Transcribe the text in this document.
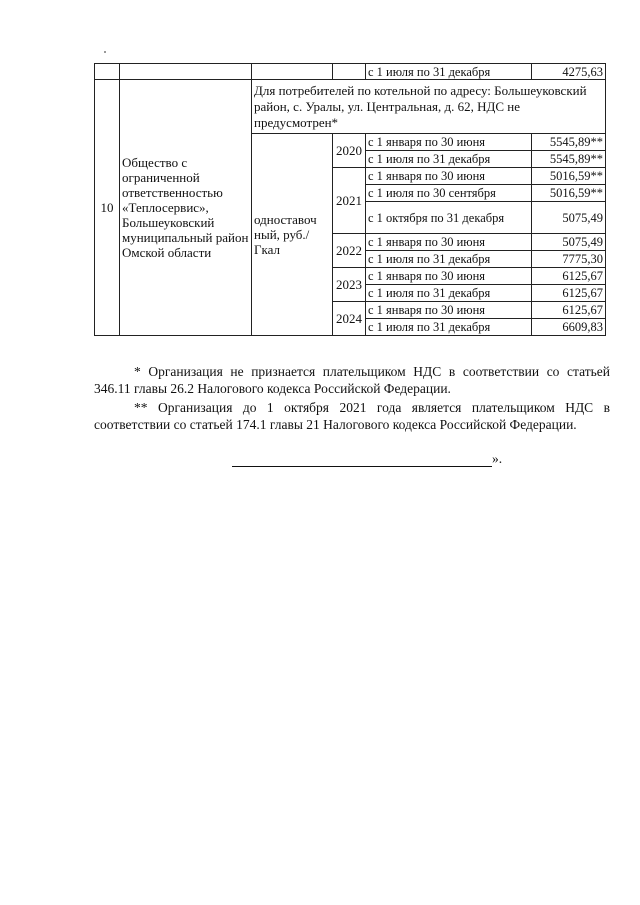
				с 1 июля по 31 декабря	4275,63
10	Общество с ограниченной ответственностью «Теплосервис», Большеуковский муниципальный район Омской области	Для потребителей по котельной по адресу: Большеуковский район, с. Уралы, ул. Центральная, д. 62, НДС не предусмотрен*			
		одноставоч ный, руб./Гкал	2020	с 1 января по 30 июня	5545,89**
				с 1 июля по 31 декабря	5545,89**
			2021	с 1 января по 30 июня	5016,59**
				с 1 июля по 30 сентября	5016,59**
				с 1 октября по 31 декабря	5075,49
			2022	с 1 января по 30 июня	5075,49
				с 1 июля по 31 декабря	7775,30
			2023	с 1 января по 30 июня	6125,67
				с 1 июля по 31 декабря	6125,67
			2024	с 1 января по 30 июня	6125,67
				с 1 июля по 31 декабря	6609,83

* Организация не признается плательщиком НДС в соответствии со статьей 346.11 главы 26.2 Налогового кодекса Российской Федерации.

** Организация до 1 октября 2021 года является плательщиком НДС в соответствии со статьей 174.1 главы 21 Налогового кодекса Российской Федерации.

».
